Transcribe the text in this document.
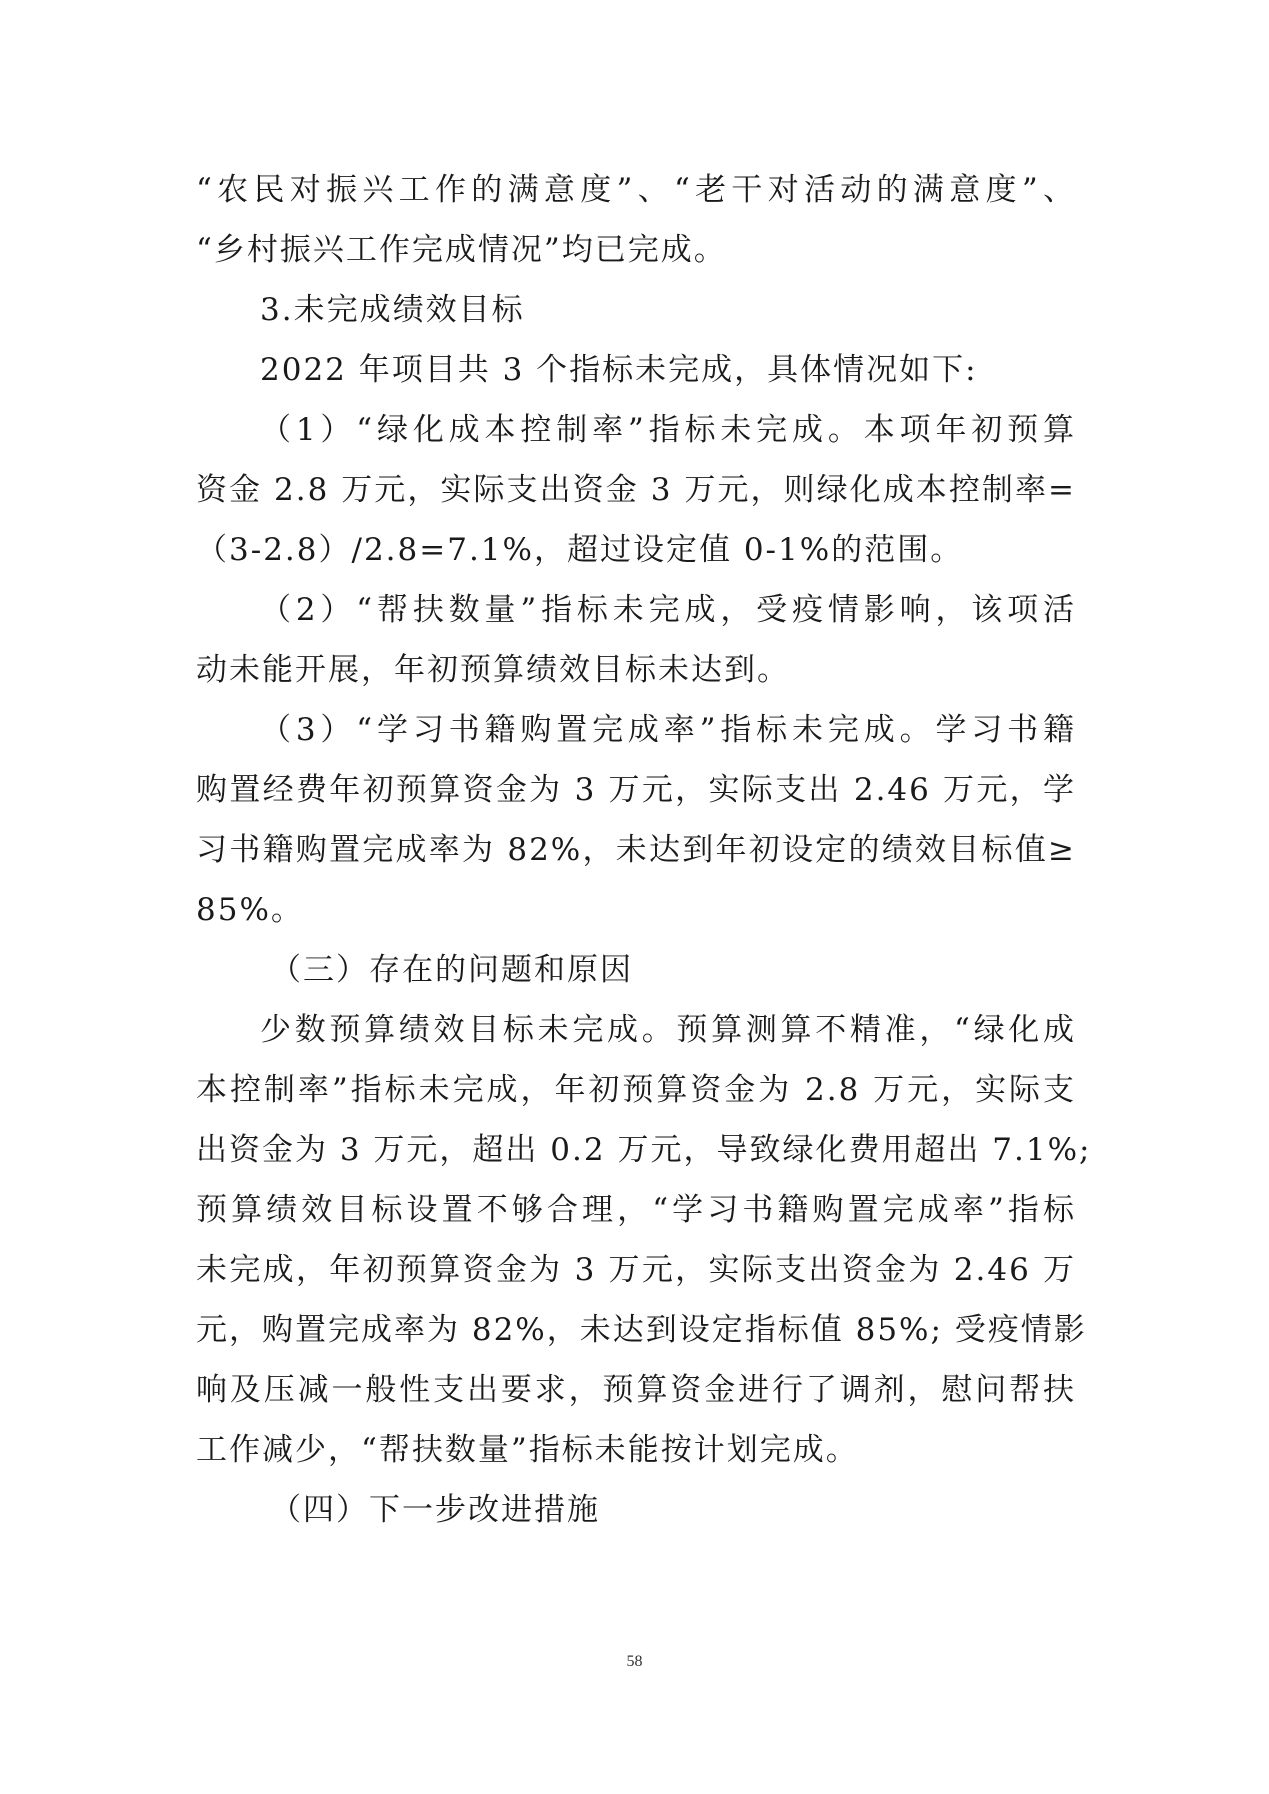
“农民对振兴工作的满意度”、“老干对活动的满意度”、
“乡村振兴工作完成情况”均已完成。
3.未完成绩效目标
2022 年项目共 3 个指标未完成，具体情况如下:
（1）“绿化成本控制率”指标未完成。本项年初预算
资金 2.8 万元，实际支出资金 3 万元，则绿化成本控制率=
（3-2.8）/2.8=7.1%，超过设定值 0-1%的范围。
（2）“帮扶数量”指标未完成，受疫情影响，该项活
动未能开展，年初预算绩效目标未达到。
（3）“学习书籍购置完成率”指标未完成。学习书籍
购置经费年初预算资金为 3 万元，实际支出 2.46 万元，学
习书籍购置完成率为 82%，未达到年初设定的绩效目标值≥
85%。
（三）存在的问题和原因
少数预算绩效目标未完成。预算测算不精准，“绿化成
本控制率”指标未完成，年初预算资金为 2.8 万元，实际支
出资金为 3 万元，超出 0.2 万元，导致绿化费用超出 7.1%;
预算绩效目标设置不够合理，“学习书籍购置完成率”指标
未完成，年初预算资金为 3 万元，实际支出资金为 2.46 万
元，购置完成率为 82%，未达到设定指标值 85%; 受疫情影
响及压减一般性支出要求，预算资金进行了调剂，慰问帮扶
工作减少，“帮扶数量”指标未能按计划完成。
（四）下一步改进措施
58
